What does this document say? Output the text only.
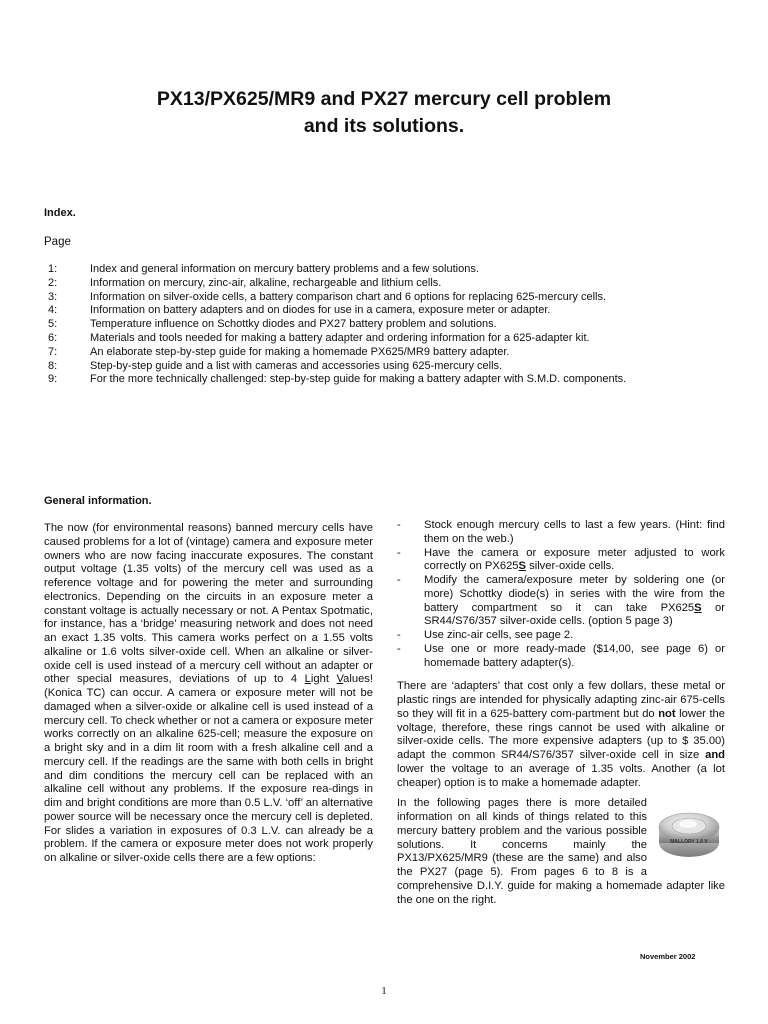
PX13/PX625/MR9 and PX27 mercury cell problem
and its solutions.
Index.
Page
1:	Index and general information on mercury battery problems and a few solutions.
2:	Information on mercury, zinc-air, alkaline, rechargeable and lithium cells.
3:	Information on silver-oxide cells, a battery comparison chart and 6 options for replacing 625-mercury cells.
4:	Information on battery adapters and on diodes for use in a camera, exposure meter or adapter.
5:	Temperature influence on Schottky diodes and PX27 battery problem and solutions.
6:	Materials and tools needed for making a battery adapter and ordering information for a 625-adapter kit.
7:	An elaborate step-by-step guide for making a homemade PX625/MR9 battery adapter.
8:	Step-by-step guide and a list with cameras and accessories using 625-mercury cells.
9:	For the more technically challenged: step-by-step guide for making a battery adapter with S.M.D. components.
General information.

The now (for environmental reasons) banned mercury cells have caused problems for a lot of (vintage) camera and exposure meter owners who are now facing inaccurate exposures. The constant output voltage (1.35 volts) of the mercury cell was used as a reference voltage and for powering the meter and surrounding electronics. Depending on the circuits in an exposure meter a constant voltage is actually necessary or not. A Pentax Spotmatic, for instance, has a ‘bridge’ measuring network and does not need an exact 1.35 volts. This camera works perfect on a 1.55 volts alkaline or 1.6 volts silver-oxide cell. When an alkaline or silver-oxide cell is used instead of a mercury cell without an adapter or other special measures, deviations of up to 4 Light Values! (Konica TC) can occur. A camera or exposure meter will not be damaged when a silver-oxide or alkaline cell is used instead of a mercury cell. To check whether or not a camera or exposure meter works correctly on an alkaline 625-cell; measure the exposure on a bright sky and in a dim lit room with a fresh alkaline cell and a mercury cell. If the readings are the same with both cells in bright and dim conditions the mercury cell can be replaced with an alkaline cell without any problems. If the exposure rea-dings in dim and bright conditions are more than 0.5 L.V. ‘off’ an alternative power source will be necessary once the mercury cell is depleted. For slides a variation in exposures of 0.3 L.V. can already be a problem. If the camera or exposure meter does not work properly on alkaline or silver-oxide cells there are a few options:

-	Stock enough mercury cells to last a few years. (Hint: find them on the web.)
-	Have the camera or exposure meter adjusted to work correctly on PX625S silver-oxide cells.
-	Modify the camera/exposure meter by soldering one (or more) Schottky diode(s) in series with the wire from the battery compartment so it can take PX625S or SR44/S76/357 silver-oxide cells. (option 5 page 3)
-	Use zinc-air cells, see page 2.
-	Use one or more ready-made ($14,00, see page 6) or homemade battery adapter(s).

There are ‘adapters’ that cost only a few dollars, these metal or plastic rings are intended for physically adapting zinc-air 675-cells so they will fit in a 625-battery com-partment but do not lower the voltage, therefore, these rings cannot be used with alkaline or silver-oxide cells. The more expensive adapters (up to $ 35.00) adapt the common SR44/S76/357 silver-oxide cell in size and lower the voltage to an average of 1.35 volts. Another (a lot cheaper) option is to make a homemade adapter.

MALLORY 1.5 V
In the following pages there is more detailed information on all kinds of things related to this mercury battery problem and the various possible solutions. It concerns mainly the PX13/PX625/MR9 (these are the same) and also the PX27 (page 5). From pages 6 to 8 is a comprehensive D.I.Y. guide for making a homemade adapter like the one on the right.

November 2002
1
